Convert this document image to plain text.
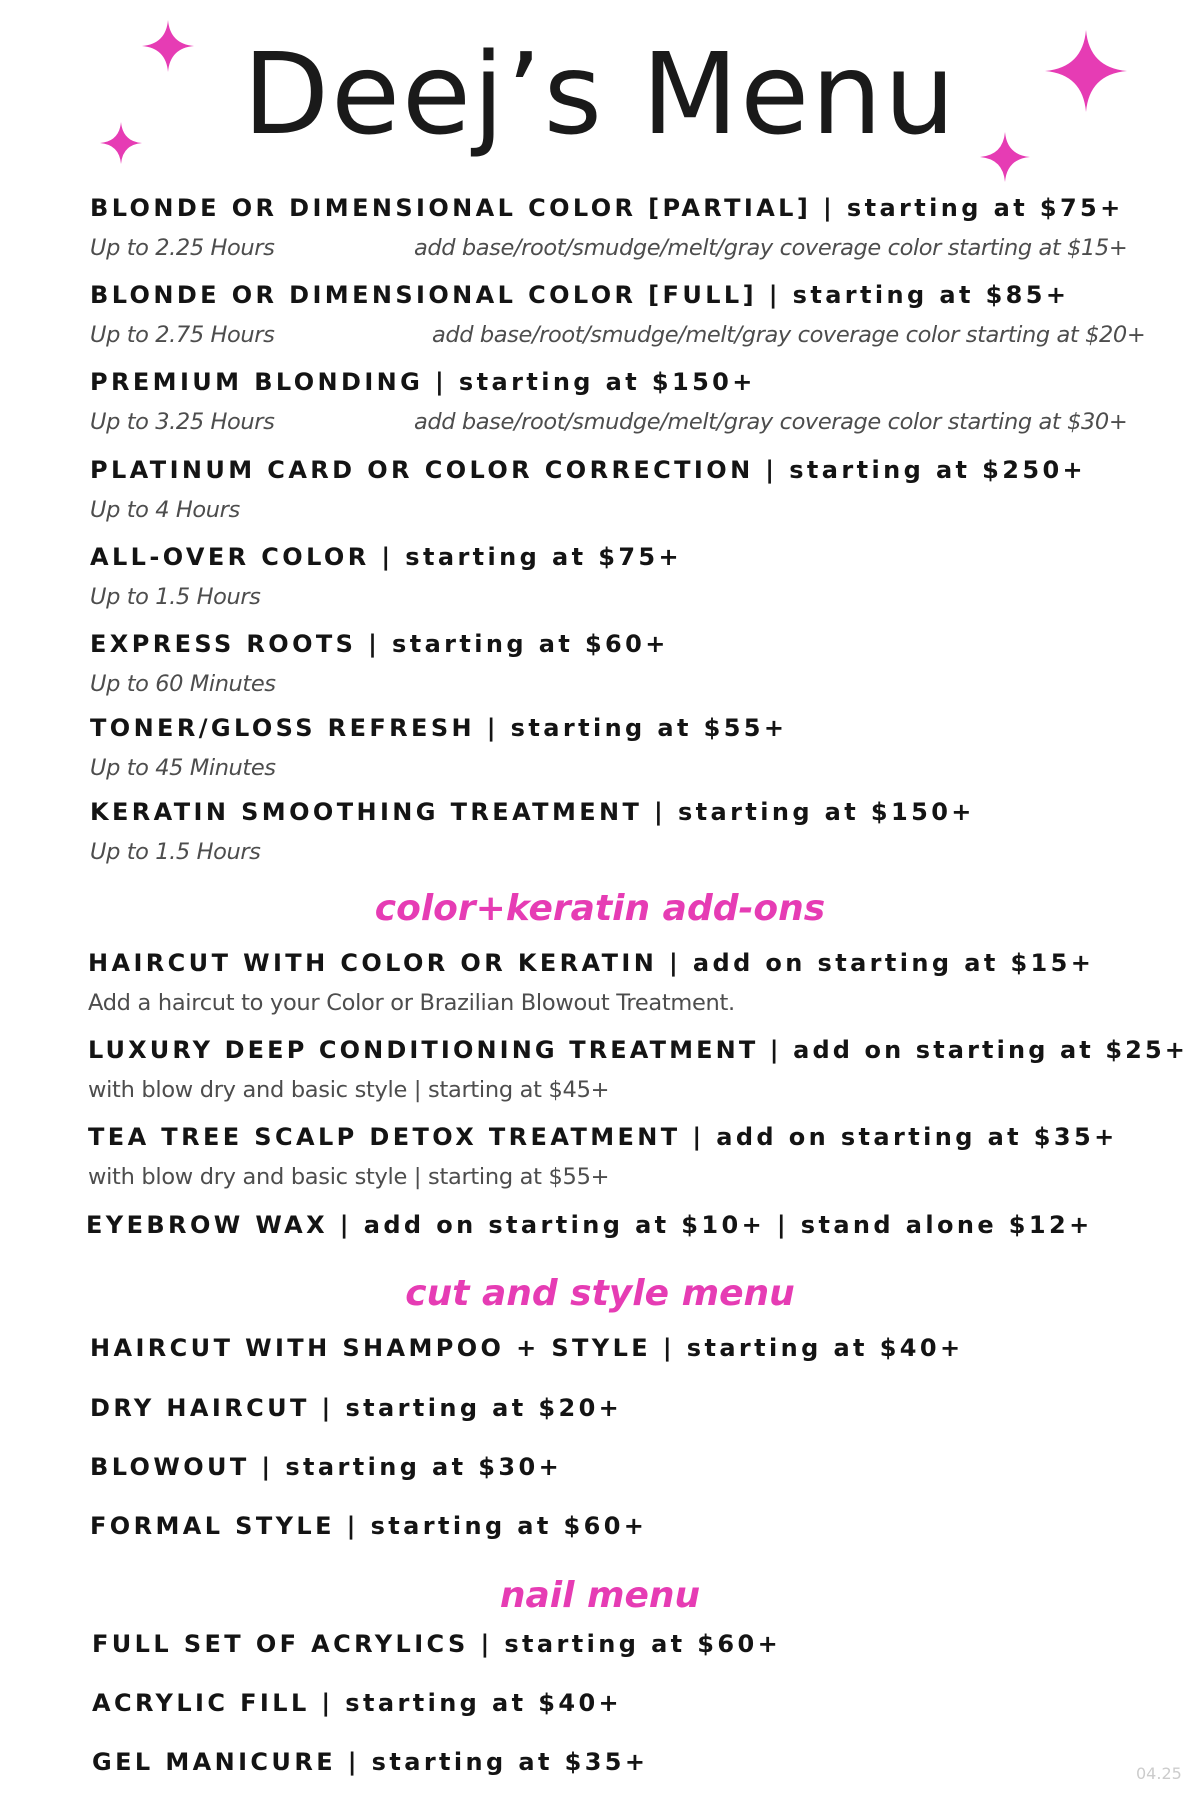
Deej’s Menu
BLONDE OR DIMENSIONAL COLOR [PARTIAL] | starting at $75+
Up to 2.25 Hours	add base/root/smudge/melt/gray coverage color starting at $15+
BLONDE OR DIMENSIONAL COLOR [FULL] | starting at $85+
Up to 2.75 Hours	add base/root/smudge/melt/gray coverage color starting at $20+
PREMIUM BLONDING | starting at $150+
Up to 3.25 Hours	add base/root/smudge/melt/gray coverage color starting at $30+
PLATINUM CARD OR COLOR CORRECTION | starting at $250+
Up to 4 Hours
ALL-OVER COLOR | starting at $75+
Up to 1.5 Hours
EXPRESS ROOTS | starting at $60+
Up to 60 Minutes
TONER/GLOSS REFRESH | starting at $55+
Up to 45 Minutes
KERATIN SMOOTHING TREATMENT | starting at $150+
Up to 1.5 Hours
color+keratin add-ons
HAIRCUT WITH COLOR OR KERATIN | add on starting at $15+
Add a haircut to your Color or Brazilian Blowout Treatment.
LUXURY DEEP CONDITIONING TREATMENT | add on starting at $25+
with blow dry and basic style | starting at $45+
TEA TREE SCALP DETOX TREATMENT | add on starting at $35+
with blow dry and basic style | starting at $55+
EYEBROW WAX | add on starting at $10+ | stand alone $12+
cut and style menu
HAIRCUT WITH SHAMPOO + STYLE | starting at $40+
DRY HAIRCUT | starting at $20+
BLOWOUT | starting at $30+
FORMAL STYLE | starting at $60+
nail menu
FULL SET OF ACRYLICS | starting at $60+
ACRYLIC FILL | starting at $40+
GEL MANICURE | starting at $35+	04.25
